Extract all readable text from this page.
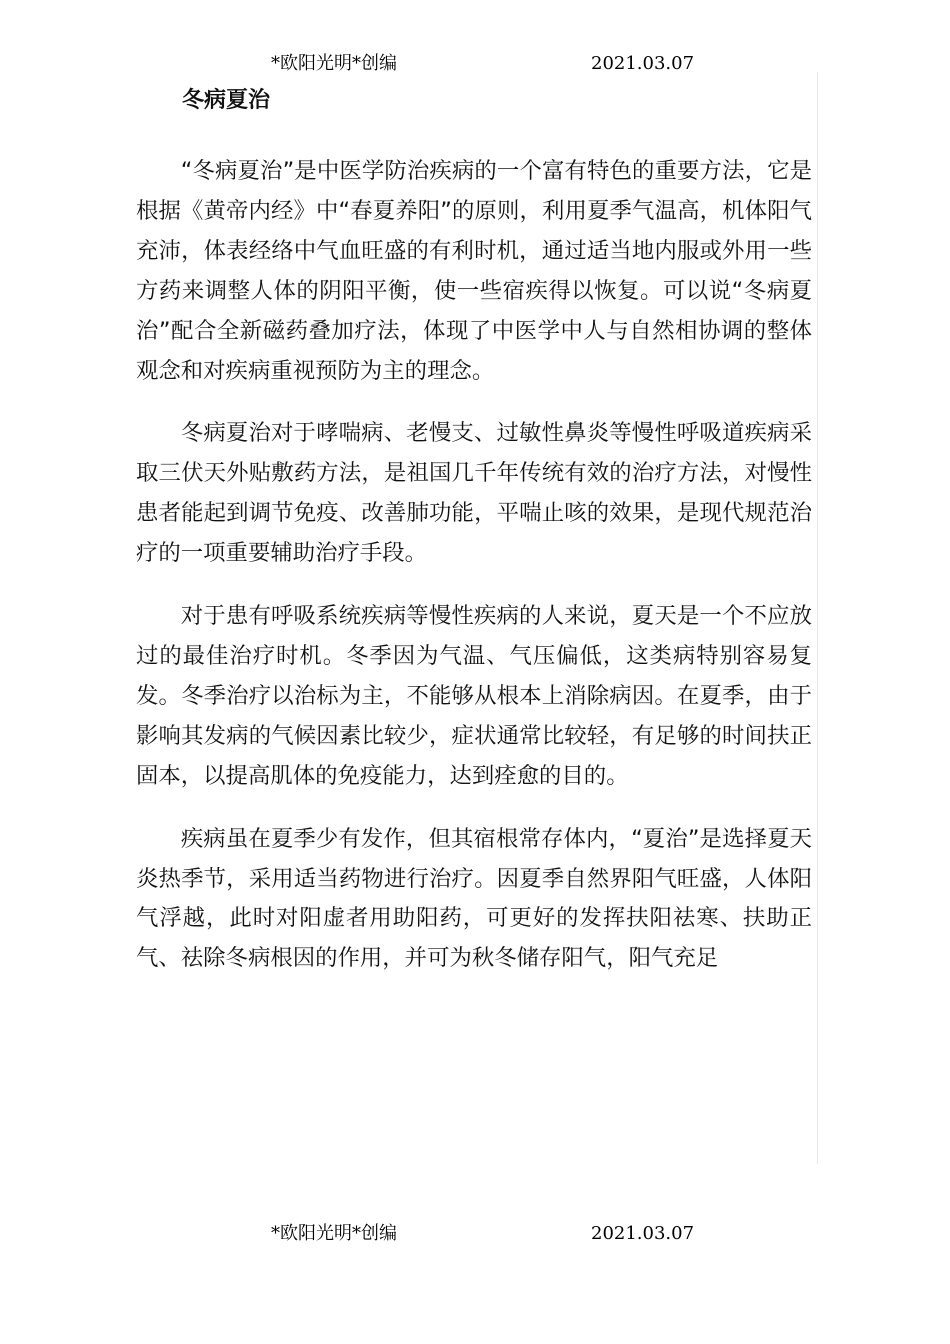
*欧阳光明*创编	2021.03.07
冬病夏治

“冬病夏治”是中医学防治疾病的一个富有特色的重要方法，它是根据《黄帝内经》中“春夏养阳”的原则，利用夏季气温高，机体阳气充沛，体表经络中气血旺盛的有利时机，通过适当地内服或外用一些方药来调整人体的阴阳平衡，使一些宿疾得以恢复。可以说“冬病夏治”配合全新磁药叠加疗法，体现了中医学中人与自然相协调的整体观念和对疾病重视预防为主的理念。

冬病夏治对于哮喘病、老慢支、过敏性鼻炎等慢性呼吸道疾病采取三伏天外贴敷药方法，是祖国几千年传统有效的治疗方法，对慢性患者能起到调节免疫、改善肺功能，平喘止咳的效果，是现代规范治疗的一项重要辅助治疗手段。

对于患有呼吸系统疾病等慢性疾病的人来说，夏天是一个不应放过的最佳治疗时机。冬季因为气温、气压偏低，这类病特别容易复发。冬季治疗以治标为主，不能够从根本上消除病因。在夏季，由于影响其发病的气候因素比较少，症状通常比较轻，有足够的时间扶正固本，以提高肌体的免疫能力，达到痊愈的目的。

疾病虽在夏季少有发作，但其宿根常存体内，“夏治”是选择夏天炎热季节，采用适当药物进行治疗。因夏季自然界阳气旺盛，人体阳气浮越，此时对阳虚者用助阳药，可更好的发挥扶阳祛寒、扶助正气、祛除冬病根因的作用，并可为秋冬储存阳气，阳气充足

*欧阳光明*创编	2021.03.07
